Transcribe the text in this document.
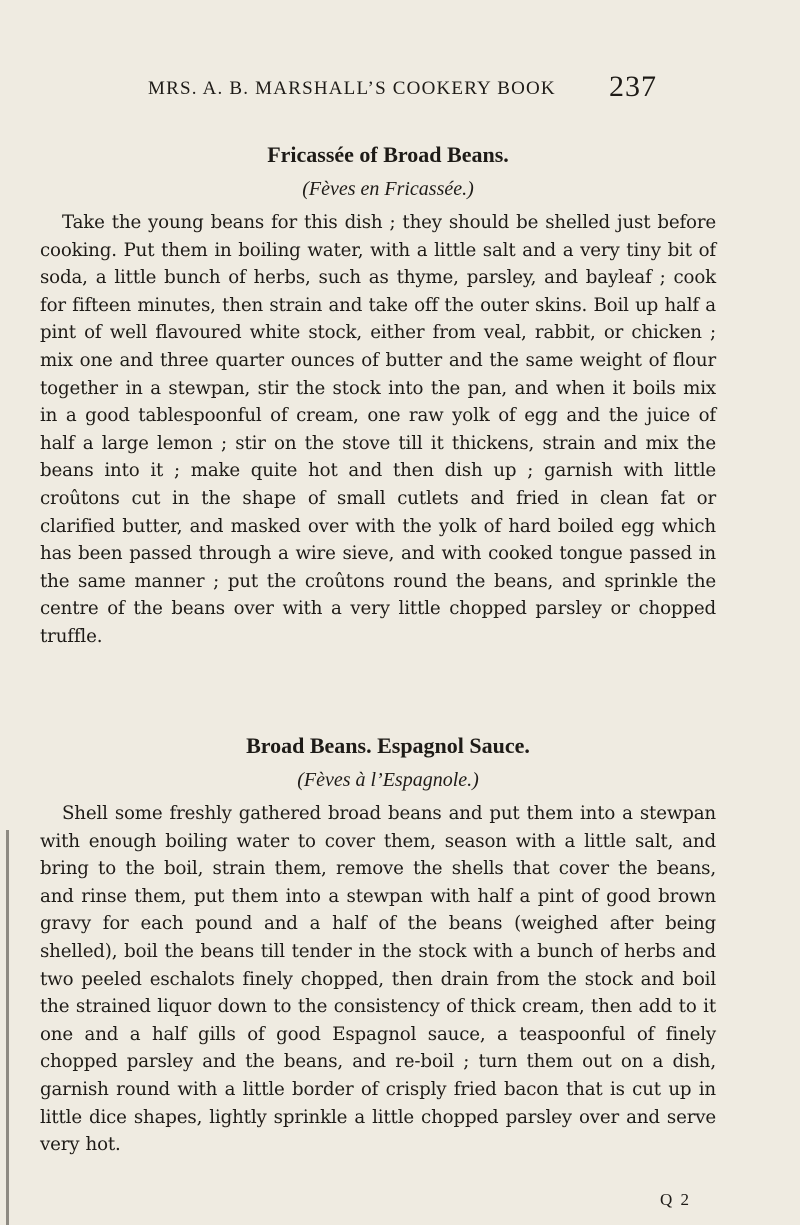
MRS. A. B. MARSHALL’S COOKERY BOOK 237
Fricassée of Broad Beans.

(Fèves en Fricassée.)

Take the young beans for this dish ; they should be shelled just before cooking. Put them in boiling water, with a little salt and a very tiny bit of soda, a little bunch of herbs, such as thyme, parsley, and bayleaf ; cook for fifteen minutes, then strain and take off the outer skins. Boil up half a pint of well flavoured white stock, either from veal, rabbit, or chicken ; mix one and three quarter ounces of butter and the same weight of flour together in a stewpan, stir the stock into the pan, and when it boils mix in a good tablespoonful of cream, one raw yolk of egg and the juice of half a large lemon ; stir on the stove till it thickens, strain and mix the beans into it ; make quite hot and then dish up ; garnish with little croûtons cut in the shape of small cutlets and fried in clean fat or clarified butter, and masked over with the yolk of hard boiled egg which has been passed through a wire sieve, and with cooked tongue passed in the same manner ; put the croûtons round the beans, and sprinkle the centre of the beans over with a very little chopped parsley or chopped truffle.

Broad Beans. Espagnol Sauce.

(Fèves à l’Espagnole.)

Shell some freshly gathered broad beans and put them into a stewpan with enough boiling water to cover them, season with a little salt, and bring to the boil, strain them, remove the shells that cover the beans, and rinse them, put them into a stewpan with half a pint of good brown gravy for each pound and a half of the beans (weighed after being shelled), boil the beans till tender in the stock with a bunch of herbs and two peeled eschalots finely chopped, then drain from the stock and boil the strained liquor down to the consistency of thick cream, then add to it one and a half gills of good Espagnol sauce, a teaspoonful of finely chopped parsley and the beans, and re-boil ; turn them out on a dish, garnish round with a little border of crisply fried bacon that is cut up in little dice shapes, lightly sprinkle a little chopped parsley over and serve very hot.

Q 2
